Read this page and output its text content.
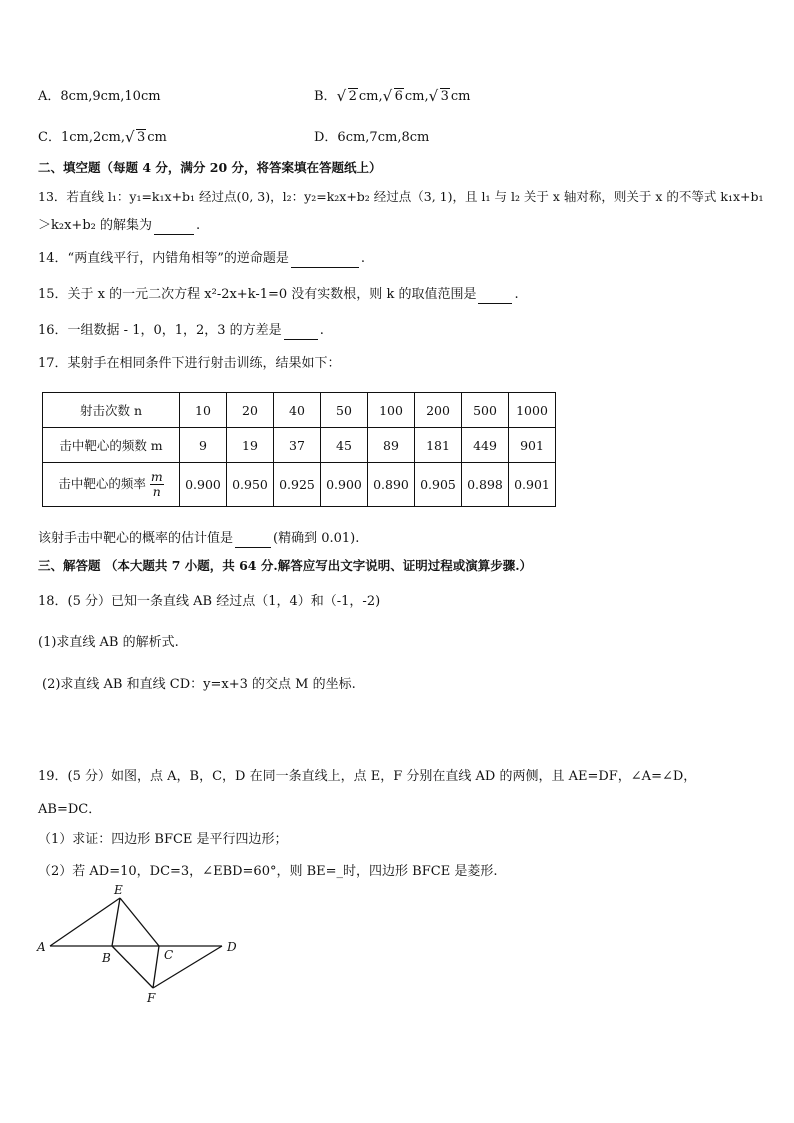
A．8cm,9cm,10cm	B． √ 2 cm, √ 6 cm, √ 3 cm
C．1cm,2cm, √ 3 cm	D．6cm,7cm,8cm
二、填空题（每题 4 分，满分 20 分，将答案填在答题纸上）
13．若直线 l₁：y₁=k₁x+b₁ 经过点(0, 3)，l₂：y₂=k₂x+b₂ 经过点（3, 1)，且 l₁ 与 l₂ 关于 x 轴对称，则关于 x 的不等式 k₁x+b₁
＞k₂x+b₂ 的解集为	.
14．“两直线平行，内错角相等”的逆命题是	.
15．关于 x 的一元二次方程 x²-2x+k-1=0 没有实数根，则 k 的取值范围是	.
16．一组数据 - 1，0，1，2，3 的方差是	.
17．某射手在相同条件下进行射击训练，结果如下：
射击次数 n	10	20	40	50	100	200	500	1000
击中靶心的频数 m	9	19	37	45	89	181	449	901
击中靶心的频率 $\frac{m}{n}$	0.900	0.950	0.925	0.900	0.890	0.905	0.898	0.901
该射手击中靶心的概率的估计值是	(精确到 0.01).
三、解答题 （本大题共 7 小题，共 64 分.解答应写出文字说明、证明过程或演算步骤.）
18．(5 分）已知一条直线 AB 经过点（1，4）和（-1，-2)
(1)求直线 AB 的解析式.
(2)求直线 AB 和直线 CD：y=x+3 的交点 M 的坐标.
19．(5 分）如图，点 A，B，C，D 在同一条直线上，点 E，F 分别在直线 AD 的两侧，且 AE=DF，∠A=∠D，
AB=DC．
（1）求证：四边形 BFCE 是平行四边形；
（2）若 AD=10，DC=3，∠EBD=60°，则 BE=_时，四边形 BFCE 是菱形.
A
B	C
D
E
F
